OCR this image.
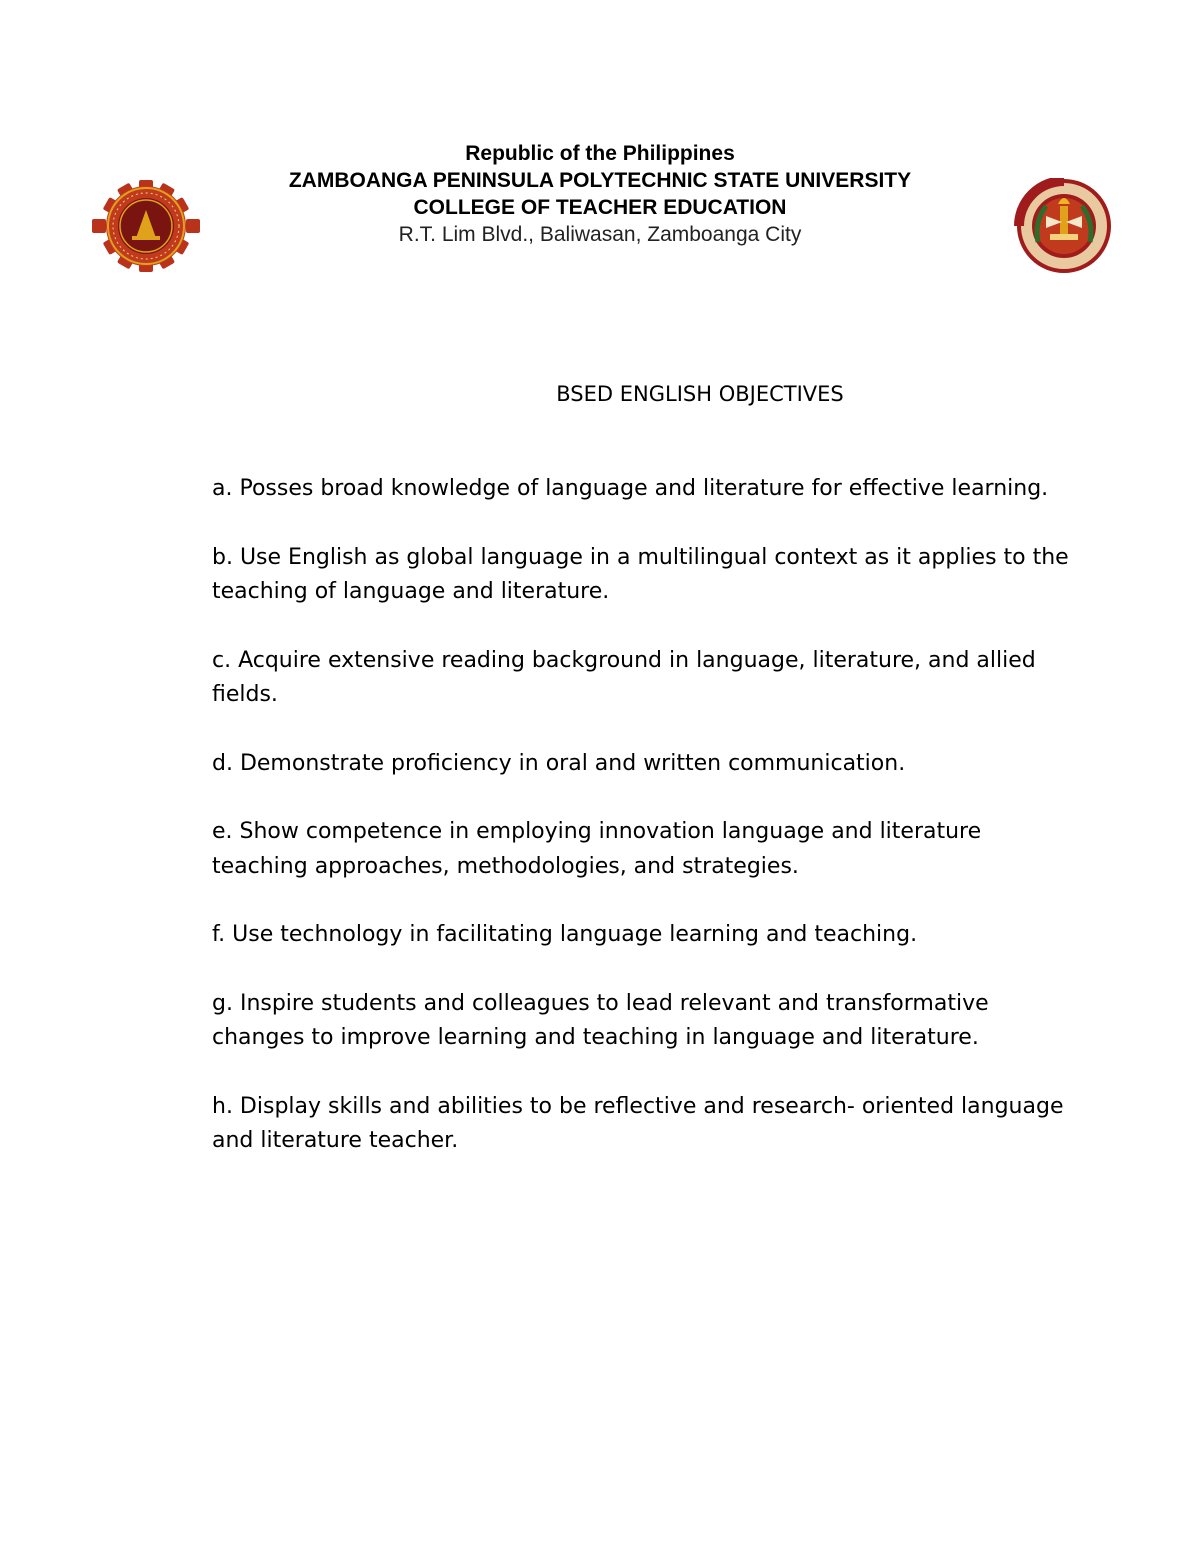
Republic of the Philippines
ZAMBOANGA PENINSULA POLYTECHNIC STATE UNIVERSITY
COLLEGE OF TEACHER EDUCATION
R.T. Lim Blvd., Baliwasan, Zamboanga City
BSED ENGLISH OBJECTIVES
a. Posses broad knowledge of language and literature for effective learning.
b. Use English as global language in a multilingual context as it applies to the teaching of language and literature.
c. Acquire extensive reading background in language, literature, and allied fields.
d. Demonstrate proficiency in oral and written communication.
e. Show competence in employing innovation language and literature teaching approaches, methodologies, and strategies.
f. Use technology in facilitating language learning and teaching.
g. Inspire students and colleagues to lead relevant and transformative changes to improve learning and teaching in language and literature.
h. Display skills and abilities to be reflective and research- oriented language and literature teacher.
